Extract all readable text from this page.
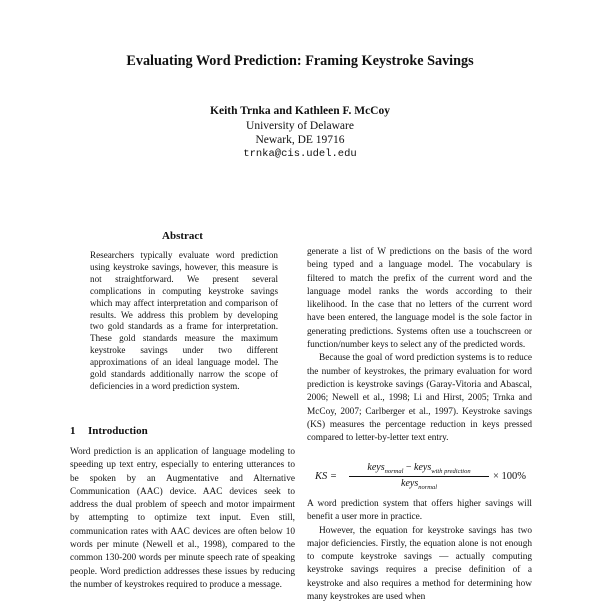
Evaluating Word Prediction: Framing Keystroke Savings
Keith Trnka and Kathleen F. McCoy
University of Delaware
Newark, DE 19716
trnka@cis.udel.edu
Abstract
Researchers typically evaluate word prediction using keystroke savings, however, this measure is not straightforward. We present several complications in computing keystroke savings which may affect interpretation and comparison of results. We address this problem by developing two gold standards as a frame for interpretation. These gold standards measure the maximum keystroke savings under two different approximations of an ideal language model. The gold standards additionally narrow the scope of deficiencies in a word prediction system.
1 Introduction

Word prediction is an application of language modeling to speeding up text entry, especially to entering utterances to be spoken by an Augmentative and Alternative Communication (AAC) device. AAC devices seek to address the dual problem of speech and motor impairment by attempting to optimize text input. Even still, communication rates with AAC devices are often below 10 words per minute (Newell et al., 1998), compared to the common 130-200 words per minute speech rate of speaking people. Word prediction addresses these issues by reducing the number of keystrokes required to produce a message.

generate a list of W predictions on the basis of the word being typed and a language model. The vocabulary is filtered to match the prefix of the current word and the language model ranks the words according to their likelihood. In the case that no letters of the current word have been entered, the language model is the sole factor in generating predictions. Systems often use a touchscreen or function/number keys to select any of the predicted words.

Because the goal of word prediction systems is to reduce the number of keystrokes, the primary evaluation for word prediction is keystroke savings (Garay-Vitoria and Abascal, 2006; Newell et al., 1998; Li and Hirst, 2005; Trnka and McCoy, 2007; Carlberger et al., 1997). Keystroke savings (KS) measures the percentage reduction in keys pressed compared to letter-by-letter text entry.

KS =
keys$_{normal}$ − keys$_{with prediction}$
keys$_{normal}$
× 100%

A word prediction system that offers higher savings will benefit a user more in practice.

However, the equation for keystroke savings has two major deficiencies. Firstly, the equation alone is not enough to compute keystroke savings — actually computing keystroke savings requires a precise definition of a keystroke and also requires a method for determining how many keystrokes are used when
